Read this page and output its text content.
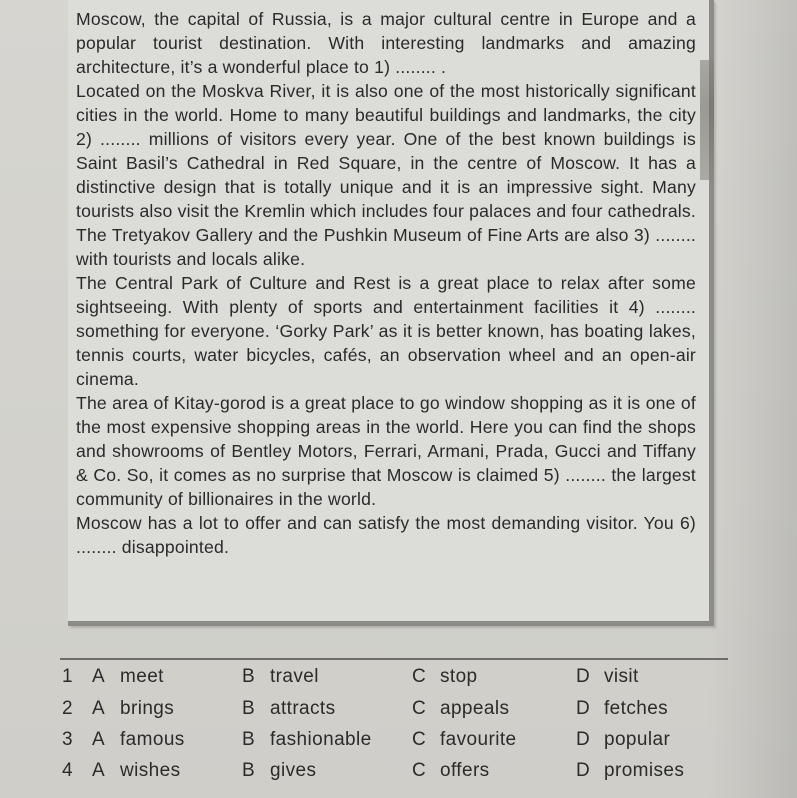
Moscow, the capital of Russia, is a major cultural centre in Europe and a popular tourist destination. With interesting landmarks and amazing architecture, it’s a wonderful place to 1) ........ .

Located on the Moskva River, it is also one of the most historically significant cities in the world. Home to many beautiful buildings and landmarks, the city 2) ........ millions of visitors every year. One of the best known buildings is Saint Basil’s Cathedral in Red Square, in the centre of Moscow. It has a distinctive design that is totally unique and it is an impressive sight. Many tourists also visit the Kremlin which includes four palaces and four cathedrals. The Tretyakov Gallery and the Pushkin Museum of Fine Arts are also 3) ........ with tourists and locals alike.

The Central Park of Culture and Rest is a great place to relax after some sightseeing. With plenty of sports and entertainment facilities it 4) ........ something for everyone. ‘Gorky Park’ as it is better known, has boating lakes, tennis courts, water bicycles, cafés, an observation wheel and an open-air cinema.

The area of Kitay-gorod is a great place to go window shopping as it is one of the most expensive shopping areas in the world. Here you can find the shops and showrooms of Bentley Motors, Ferrari, Armani, Prada, Gucci and Tiffany & Co. So, it comes as no surprise that Moscow is claimed 5) ........ the largest community of billionaires in the world.

Moscow has a lot to offer and can satisfy the most demanding visitor. You 6) ........ disappointed.

1 A meet	B travel	C stop	D visit
2 A brings	B attracts	C appeals	D fetches
3 A famous	B fashionable C favourite	D popular
4 A wishes	B gives	C offers	D promises
